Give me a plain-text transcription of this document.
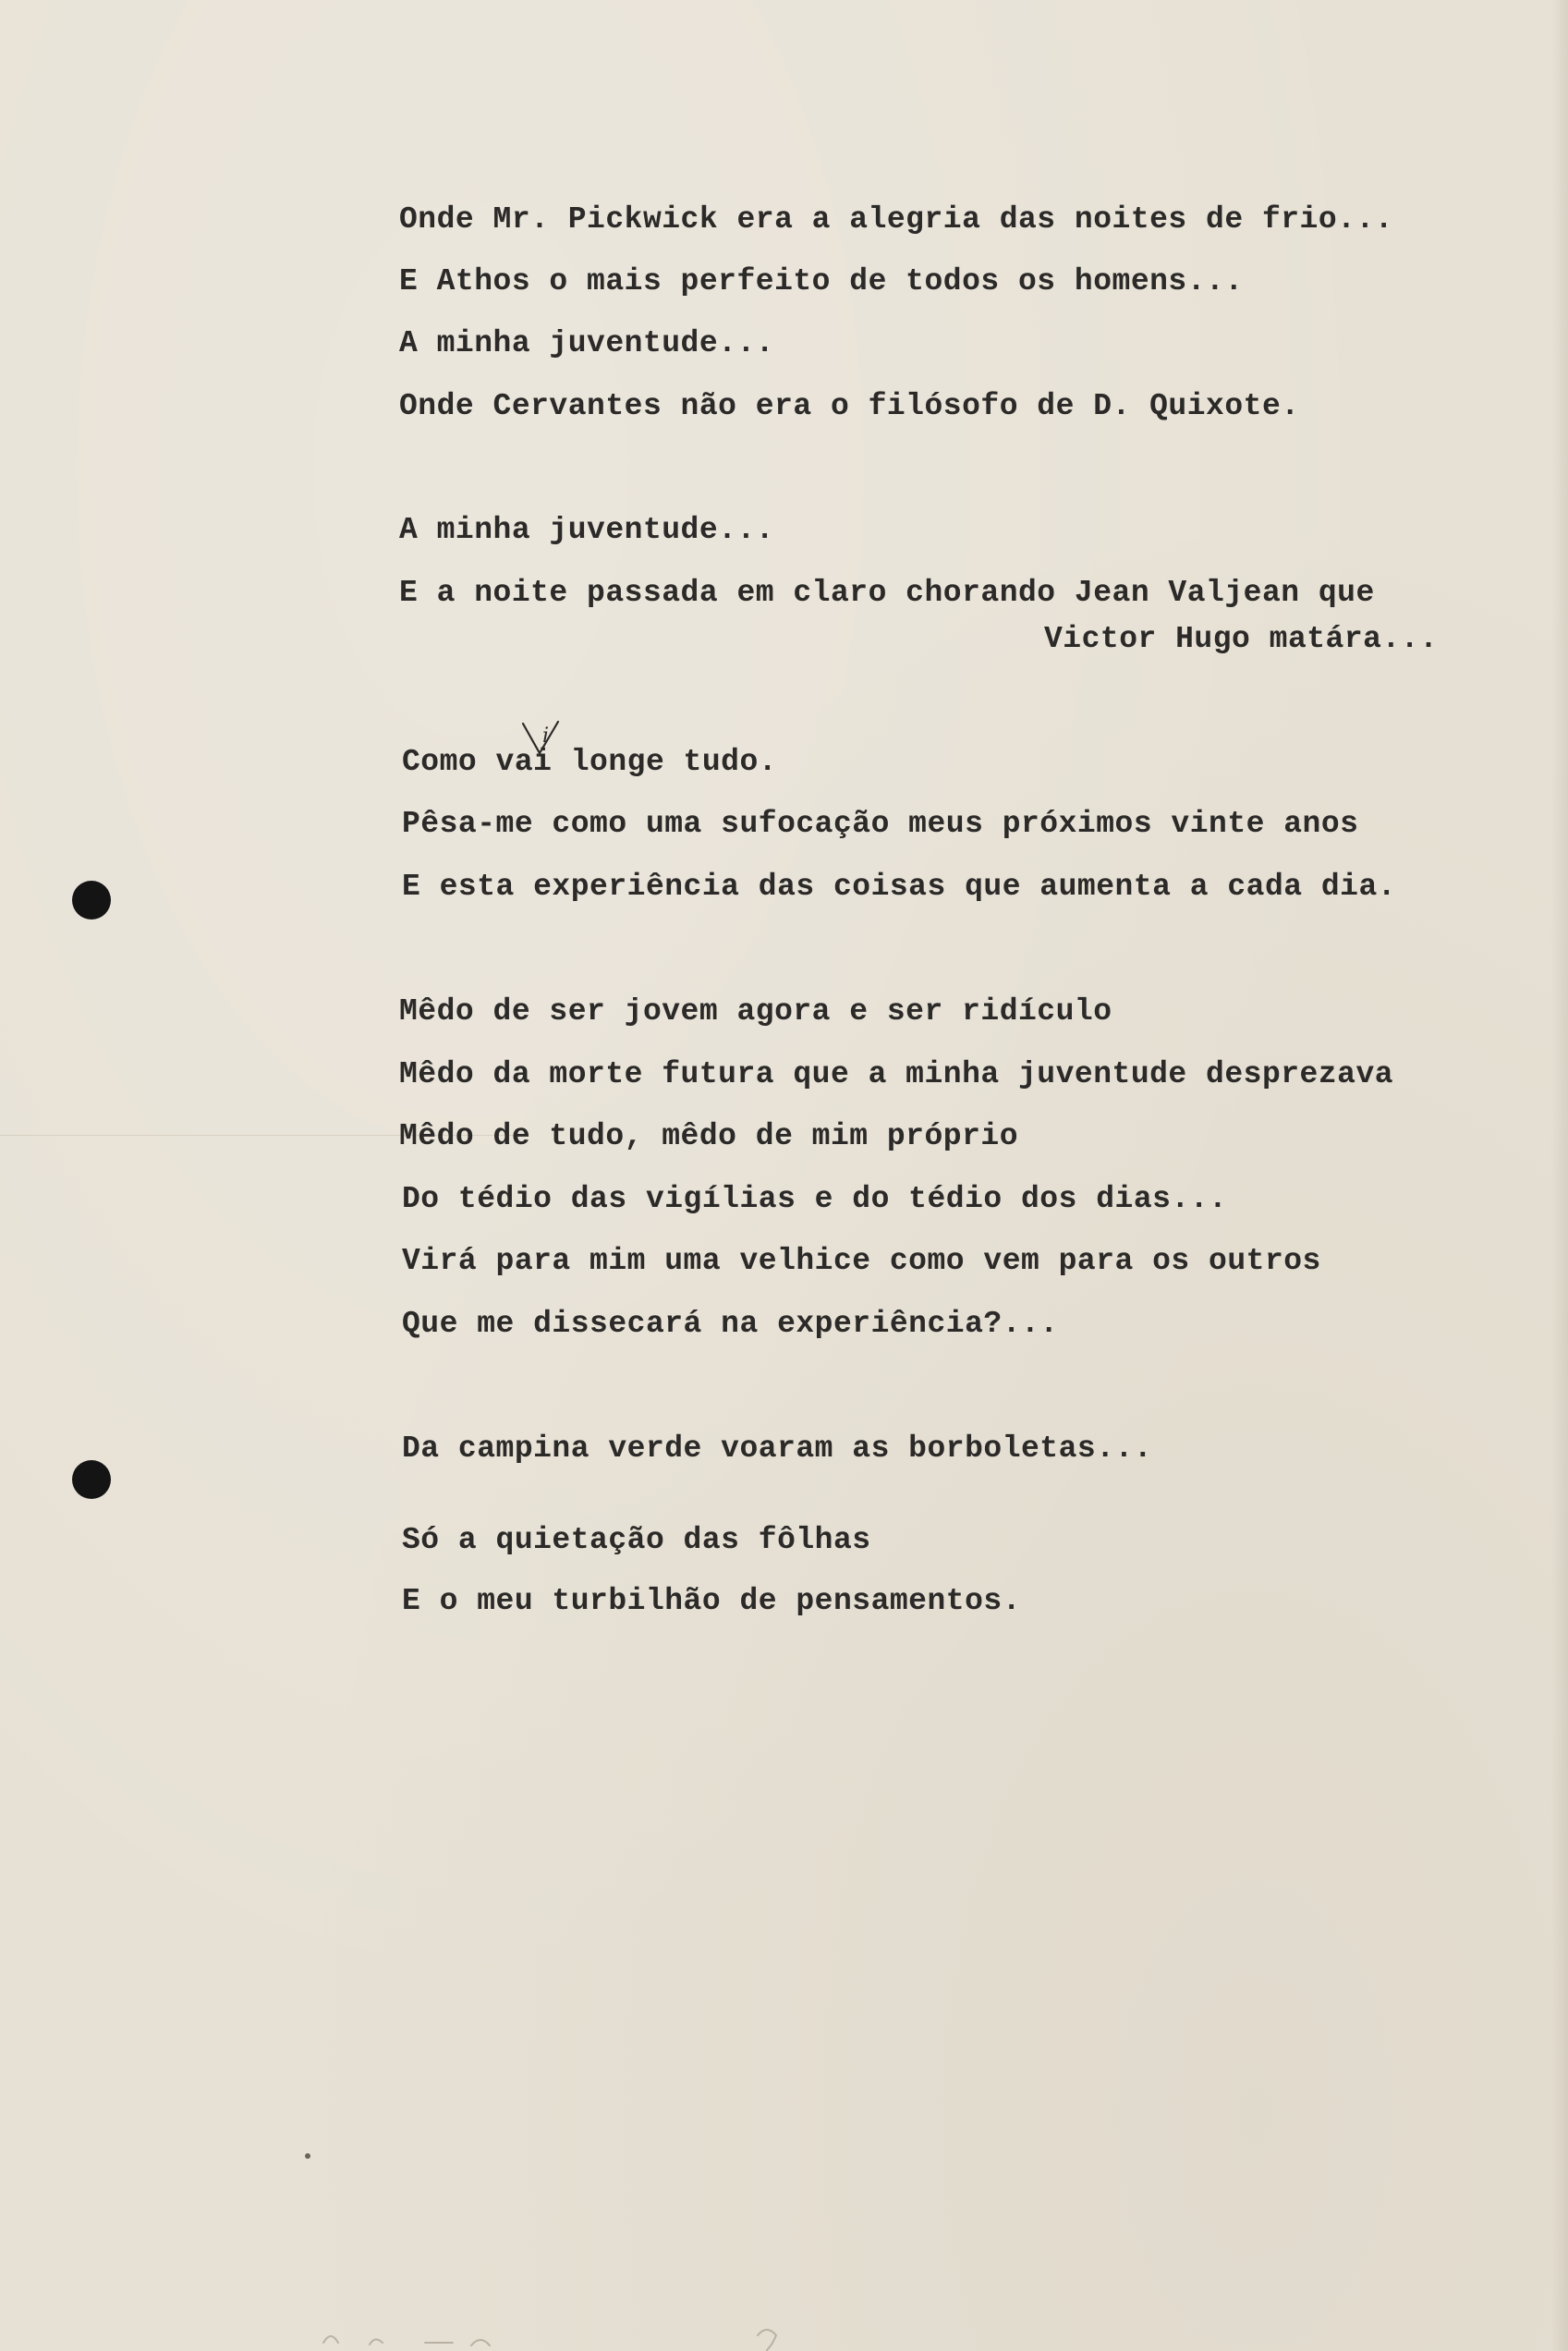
Onde Mr. Pickwick era a alegria das noites de frio...
E Athos o mais perfeito de todos os homens...
A minha juventude...
Onde Cervantes não era o filósofo de D. Quixote.
A minha juventude...
E a noite passada em claro chorando Jean Valjean que
Victor Hugo matára...
Como vai longe tudo.
Pêsa-me como uma sufocação meus próximos vinte anos
E esta experiência das coisas que aumenta a cada dia.
Mêdo de ser jovem agora e ser ridículo
Mêdo da morte futura que a minha juventude desprezava
Mêdo de tudo, mêdo de mim próprio
Do tédio das vigílias e do tédio dos dias...
Virá para mim uma velhice como vem para os outros
Que me dissecará na experiência?...
Da campina verde voaram as borboletas...
Só a quietação das fôlhas
E o meu turbilhão de pensamentos.
i
